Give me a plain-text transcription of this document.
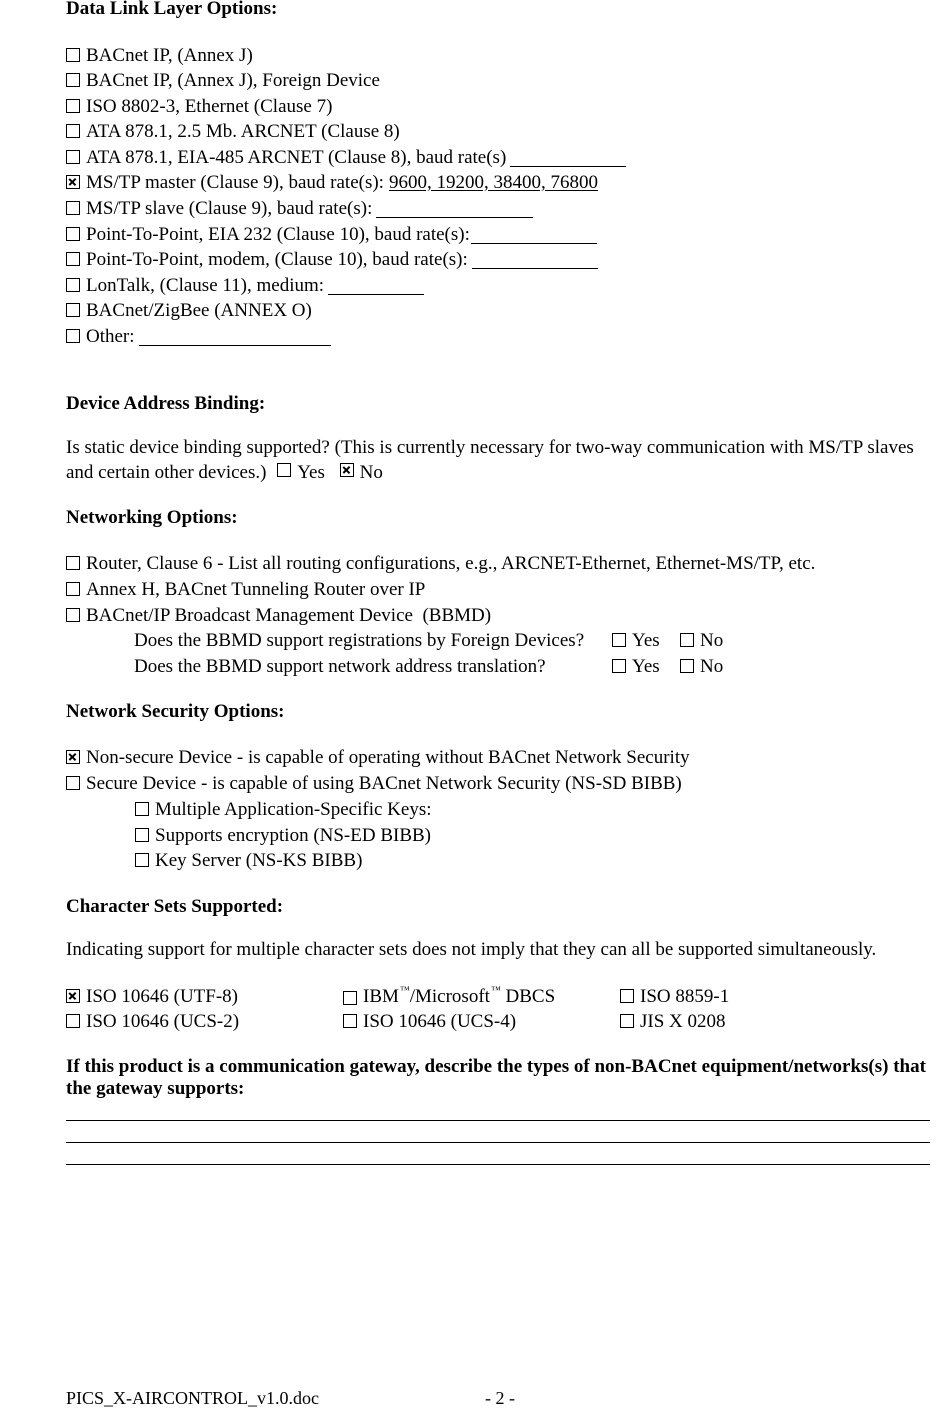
Data Link Layer Options:
BACnet IP, (Annex J)
BACnet IP, (Annex J), Foreign Device
ISO 8802-3, Ethernet (Clause 7)
ATA 878.1, 2.5 Mb. ARCNET (Clause 8)
ATA 878.1, EIA-485 ARCNET (Clause 8), baud rate(s)
MS/TP master (Clause 9), baud rate(s): 9600, 19200, 38400, 76800
MS/TP slave (Clause 9), baud rate(s):
Point-To-Point, EIA 232 (Clause 10), baud rate(s):
Point-To-Point, modem, (Clause 10), baud rate(s):
LonTalk, (Clause 11), medium:
BACnet/ZigBee (ANNEX O)
Other:
Device Address Binding:
Is static device binding supported? (This is currently necessary for two-way communication with MS/TP slaves and certain other devices.) Yes No
Networking Options:
Router, Clause 6 - List all routing configurations, e.g., ARCNET-Ethernet, Ethernet-MS/TP, etc.
Annex H, BACnet Tunneling Router over IP
BACnet/IP Broadcast Management Device  (BBMD)
Does the BBMD support registrations by Foreign Devices?	Yes No
Does the BBMD support network address translation?	Yes No
Network Security Options:
Non-secure Device - is capable of operating without BACnet Network Security
Secure Device - is capable of using BACnet Network Security (NS-SD BIBB)
Multiple Application-Specific Keys:
Supports encryption (NS-ED BIBB)
Key Server (NS-KS BIBB)
Character Sets Supported:
Indicating support for multiple character sets does not imply that they can all be supported simultaneously.
ISO 10646 (UTF-8)	IBM™/Microsoft™ DBCS	ISO 8859-1
ISO 10646 (UCS-2)	ISO 10646 (UCS-4)	JIS X 0208
If this product is a communication gateway, describe the types of non-BACnet equipment/networks(s) that the gateway supports:
PICS_X-AIRCONTROL_v1.0.doc	- 2 -
